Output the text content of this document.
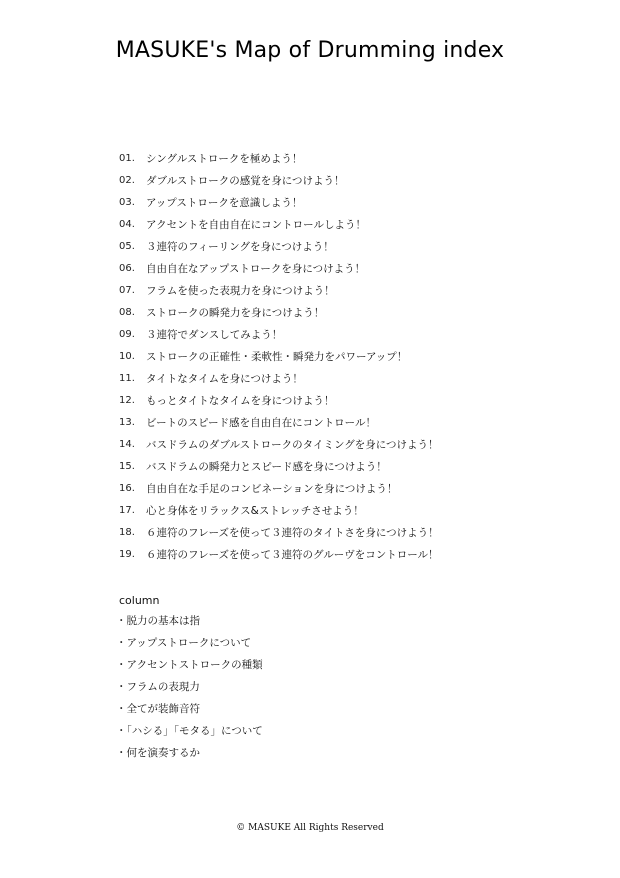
MASUKE's Map of Drumming index
01.	シングルストロークを極めよう！
02.	ダブルストロークの感覚を身につけよう！
03.	アップストロークを意識しよう！
04.	アクセントを自由自在にコントロールしよう！
05.	３連符のフィーリングを身につけよう！
06.	自由自在なアップストロークを身につけよう！
07.	フラムを使った表現力を身につけよう！
08.	ストロークの瞬発力を身につけよう！
09.	３連符でダンスしてみよう！
10.	ストロークの正確性・柔軟性・瞬発力をパワーアップ！
11.	タイトなタイムを身につけよう！
12.	もっとタイトなタイムを身につけよう！
13.	ビートのスピード感を自由自在にコントロール！
14.	バスドラムのダブルストロークのタイミングを身につけよう！
15.	バスドラムの瞬発力とスピード感を身につけよう！
16.	自由自在な手足のコンビネーションを身につけよう！
17.	心と身体をリラックス&ストレッチさせよう！
18.	６連符のフレーズを使って３連符のタイトさを身につけよう！
19.	６連符のフレーズを使って３連符のグルーヴをコントロール！
column
・脱力の基本は指
・アップストロークについて
・アクセントストロークの種類
・フラムの表現力
・全てが装飾音符
・「ハシる」「モタる」について
・何を演奏するか
© MASUKE All Rights Reserved
